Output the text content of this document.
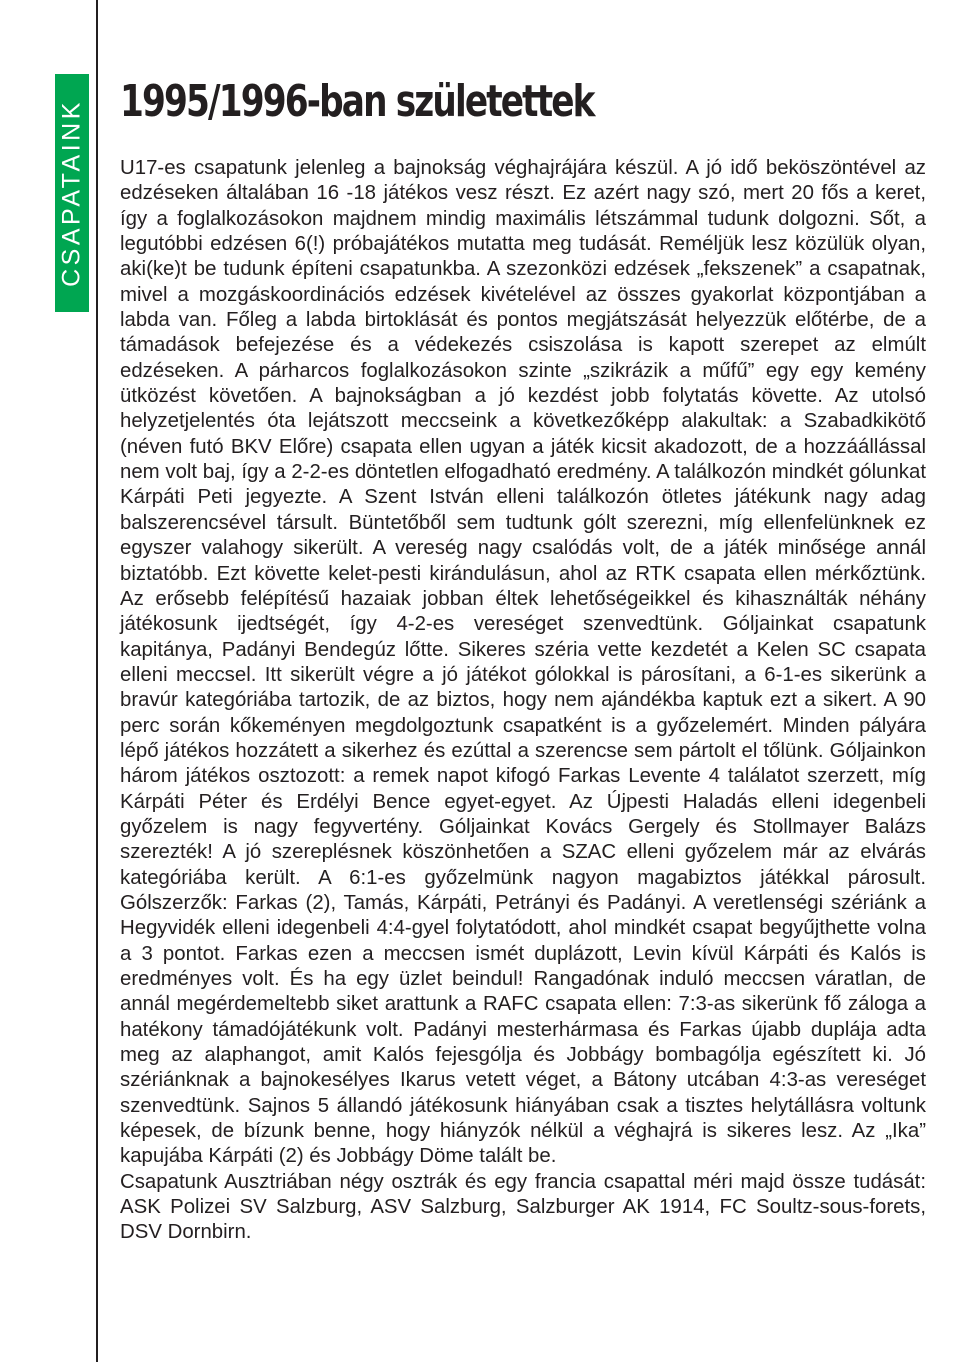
CSAPATAINK 1995/1996-ban születettek

U17-es csapatunk jelenleg a bajnokság véghajrájára készül. A jó idő beköszöntével az edzéseken általában 16 -18 játékos vesz részt. Ez azért nagy szó, mert 20 fős a keret, így a foglalkozásokon majdnem mindig maximális létszámmal tudunk dolgozni. Sőt, a legutóbbi edzésen 6(!) próbajátékos mutatta meg tudását. Reméljük lesz közülük olyan, aki(ke)t be tudunk építeni csapatunkba. A szezonközi edzések „fekszenek” a csapatnak, mivel a mozgáskoordinációs edzések kivételével az összes gyakorlat központjában a labda van. Főleg a labda birtoklását és pontos megjátszását helyezzük előtérbe, de a támadások befejezése és a védekezés csiszolása is kapott szerepet az elmúlt edzéseken. A párharcos foglalkozásokon szinte „szikrázik a műfű” egy egy kemény ütközést követően. A bajnokságban a jó kezdést jobb folytatás követte. Az utolsó helyzetjelentés óta lejátszott meccseink a következőképp alakultak: a Szabadkikötő (néven futó BKV Előre) csapata ellen ugyan a játék kicsit akadozott, de a hozzáállással nem volt baj, így a 2-2-es döntetlen elfogadható eredmény. A találkozón mindkét gólunkat Kárpáti Peti jegyezte. A Szent István elleni találkozón ötletes játékunk nagy adag balszerencsével társult. Büntetőből sem tudtunk gólt szerezni, míg ellenfelünknek ez egyszer valahogy sikerült. A vereség nagy csalódás volt, de a játék minősége annál biztatóbb. Ezt követte kelet-pesti kirándulásun, ahol az RTK csapata ellen mérkőztünk. Az erősebb felépítésű hazaiak jobban éltek lehetőségeikkel és kihasználták néhány játékosunk ijedtségét, így 4-2-es vereséget szenvedtünk. Góljainkat csapatunk kapitánya, Padányi Bendegúz lőtte. Sikeres széria vette kezdetét a Kelen SC csapata elleni meccsel. Itt sikerült végre a jó játékot gólokkal is párosítani, a 6-1-es sikerünk a bravúr kategóriába tartozik, de az biztos, hogy nem ajándékba kaptuk ezt a sikert. A 90 perc során kőkeményen megdolgoztunk csapatként is a győzelemért. Minden pályára lépő játékos hozzátett a sikerhez és ezúttal a szerencse sem pártolt el tőlünk. Góljainkon három játékos osztozott: a remek napot kifogó Farkas Levente 4 találatot szerzett, míg Kárpáti Péter és Erdélyi Bence egyet-egyet. Az Újpesti Haladás elleni idegenbeli győzelem is nagy fegyvertény. Góljainkat Kovács Gergely és Stollmayer Balázs szerezték! A jó szereplésnek köszönhetően a SZAC elleni győzelem már az elvárás kategóriába került. A 6:1-es győzelmünk nagyon magabiztos játékkal párosult. Gólszerzők: Farkas (2), Tamás, Kárpáti, Petrányi és Padányi. A veretlenségi szériánk a Hegyvidék elleni idegenbeli 4:4-gyel folytatódott, ahol mindkét csapat begyűjthette volna a 3 pontot. Farkas ezen a meccsen ismét duplázott, Levin kívül Kárpáti és Kalós is eredményes volt. És ha egy üzlet beindul! Rangadónak induló meccsen váratlan, de annál megérdemeltebb siket arattunk a RAFC csapata ellen: 7:3-as sikerünk fő záloga a hatékony támadójátékunk volt. Padányi mesterhármasa és Farkas újabb duplája adta meg az alaphangot, amit Kalós fejesgólja és Jobbágy bombagólja egészített ki. Jó szériánknak a bajnokesélyes Ikarus vetett véget, a Bátony utcában 4:3-as vereséget szenvedtünk. Sajnos 5 állandó játékosunk hiányában csak a tisztes helytállásra voltunk képesek, de bízunk benne, hogy hiányzók nélkül a véghajrá is sikeres lesz. Az „Ika” kapujába Kárpáti (2) és Jobbágy Döme talált be.

Csapatunk Ausztriában négy osztrák és egy francia csapattal méri majd össze tudását: ASK Polizei SV Salzburg, ASV Salzburg, Salzburger AK 1914, FC Soultz-sous-forets, DSV Dornbirn.
